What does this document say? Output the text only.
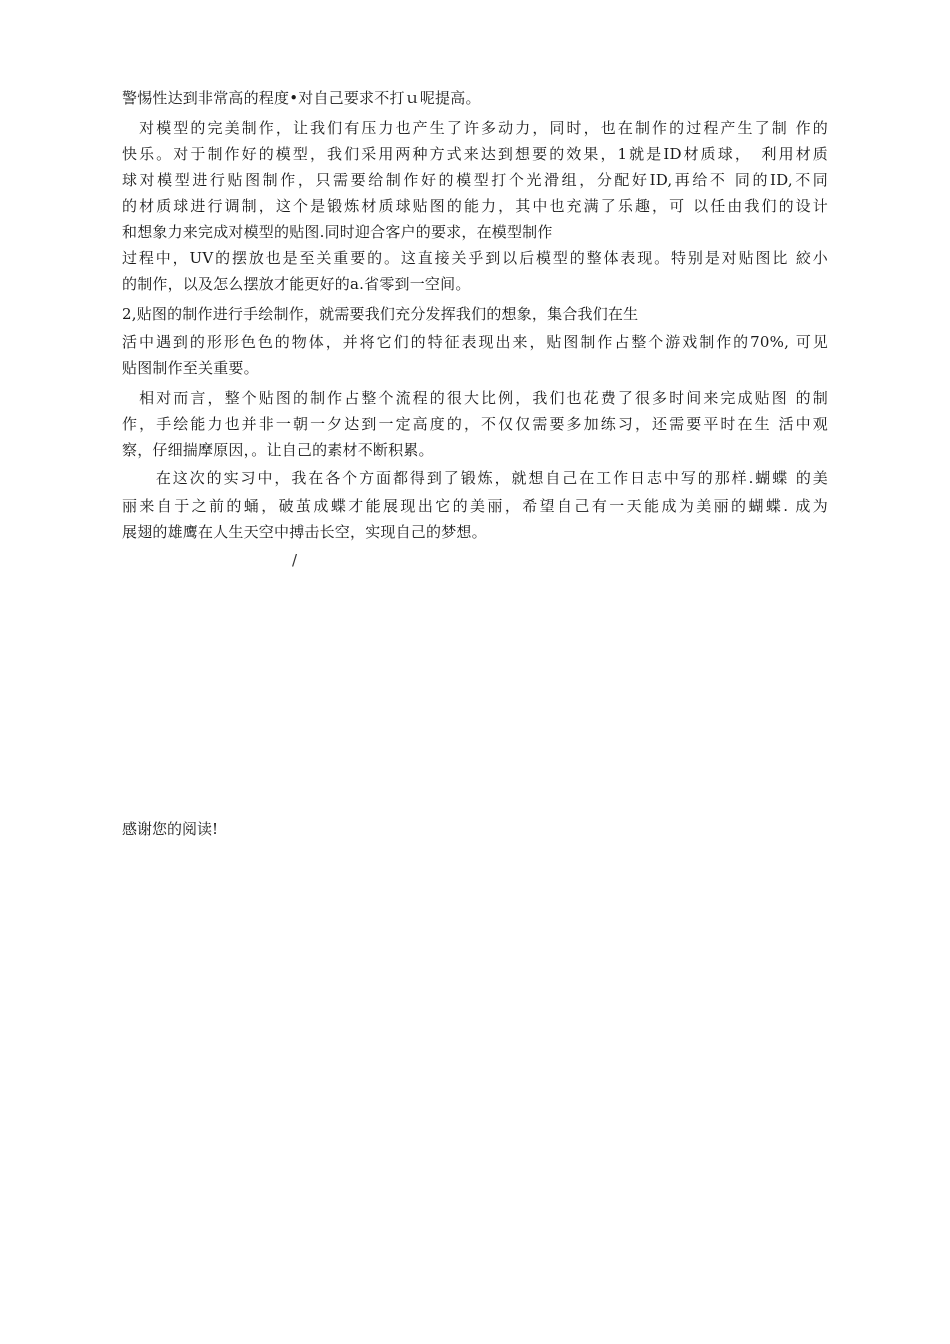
警惕性达到非常高的程度•对自己要求不打ｕ呢提高。
　对模型的完美制作，让我们有压力也产生了许多动力，同时，也在制作的过程产生了制 作的
快乐。对于制作好的模型，我们采用两种方式来达到想要的效果，1就是ID材质球，　利用材质
球对模型进行贴图制作，只需要给制作好的模型打个光滑组，分配好ID,再给不 同的ID,不同
的材质球进行调制，这个是锻炼材质球贴图的能力，其中也充满了乐趣，可 以任由我们的设计
和想象力来完成对模型的贴图.同时迎合客户的要求，在模型制作
过程中，UV的摆放也是至关重要的。这直接关乎到以后模型的整体表现。特别是对贴图比 絞小
的制作，以及怎么摆放才能更好的a.省零到一空间。
2,贴图的制作进行手绘制作，就需要我们充分发挥我们的想象，集合我们在生
活中遇到的形形色色的物体，并将它们的特征表现出来，贴图制作占整个游戏制作的70%, 可见
贴图制作至关重要。
　相对而言，整个贴图的制作占整个流程的很大比例，我们也花费了很多时间来完成贴图 的制
作，手绘能力也并非一朝一夕达到一定高度的，不仅仅需要多加练习，还需要平时在生 活中观
察，仔细揣摩原因，。让自己的素材不断积累。
　　在这次的实习中，我在各个方面都得到了锻炼，就想自己在工作日志中写的那样.蝴蝶 的美
丽来自于之前的蛹，破茧成蝶才能展现出它的美丽，希望自己有一天能成为美丽的蝴蝶. 成为
展翅的雄鹰在人生天空中搏击长空，实现自己的梦想。
/
感谢您的阅读!
